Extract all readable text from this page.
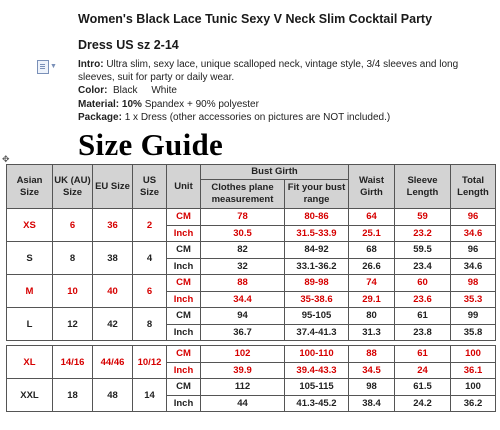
Women's Black Lace Tunic Sexy V Neck Slim Cocktail Party
Dress US sz 2-14
▼ Intro: Ultra slim, sexy lace, unique scalloped neck, vintage style, 3/4 sleeves and long sleeves, suit for party or daily wear.

Color:  Black     White

Material: 10% Spandex + 90% polyester

Package: 1 x Dress (other accessories on pictures are NOT included.)

Size Guide
✥
Asian Size	UK (AU) Size	EU Size	US Size	Unit	Bust Girth		Waist Girth	Sleeve Length	Total Length
					Clothes plane measurement	Fit your bust range			
XS	6	36	2	CM	78	80-86	64	59	96
				Inch	30.5	31.5-33.9	25.1	23.2	34.6
S	8	38	4	CM	82	84-92	68	59.5	96
				Inch	32	33.1-36.2	26.6	23.4	34.6
M	10	40	6	CM	88	89-98	74	60	98
				Inch	34.4	35-38.6	29.1	23.6	35.3
L	12	42	8	CM	94	95-105	80	61	99
				Inch	36.7	37.4-41.3	31.3	23.8	35.8

XL	14/16	44/46	10/12	CM	102	100-110	88	61	100
				Inch	39.9	39.4-43.3	34.5	24	36.1
XXL	18	48	14	CM	112	105-115	98	61.5	100
				Inch	44	41.3-45.2	38.4	24.2	36.2
